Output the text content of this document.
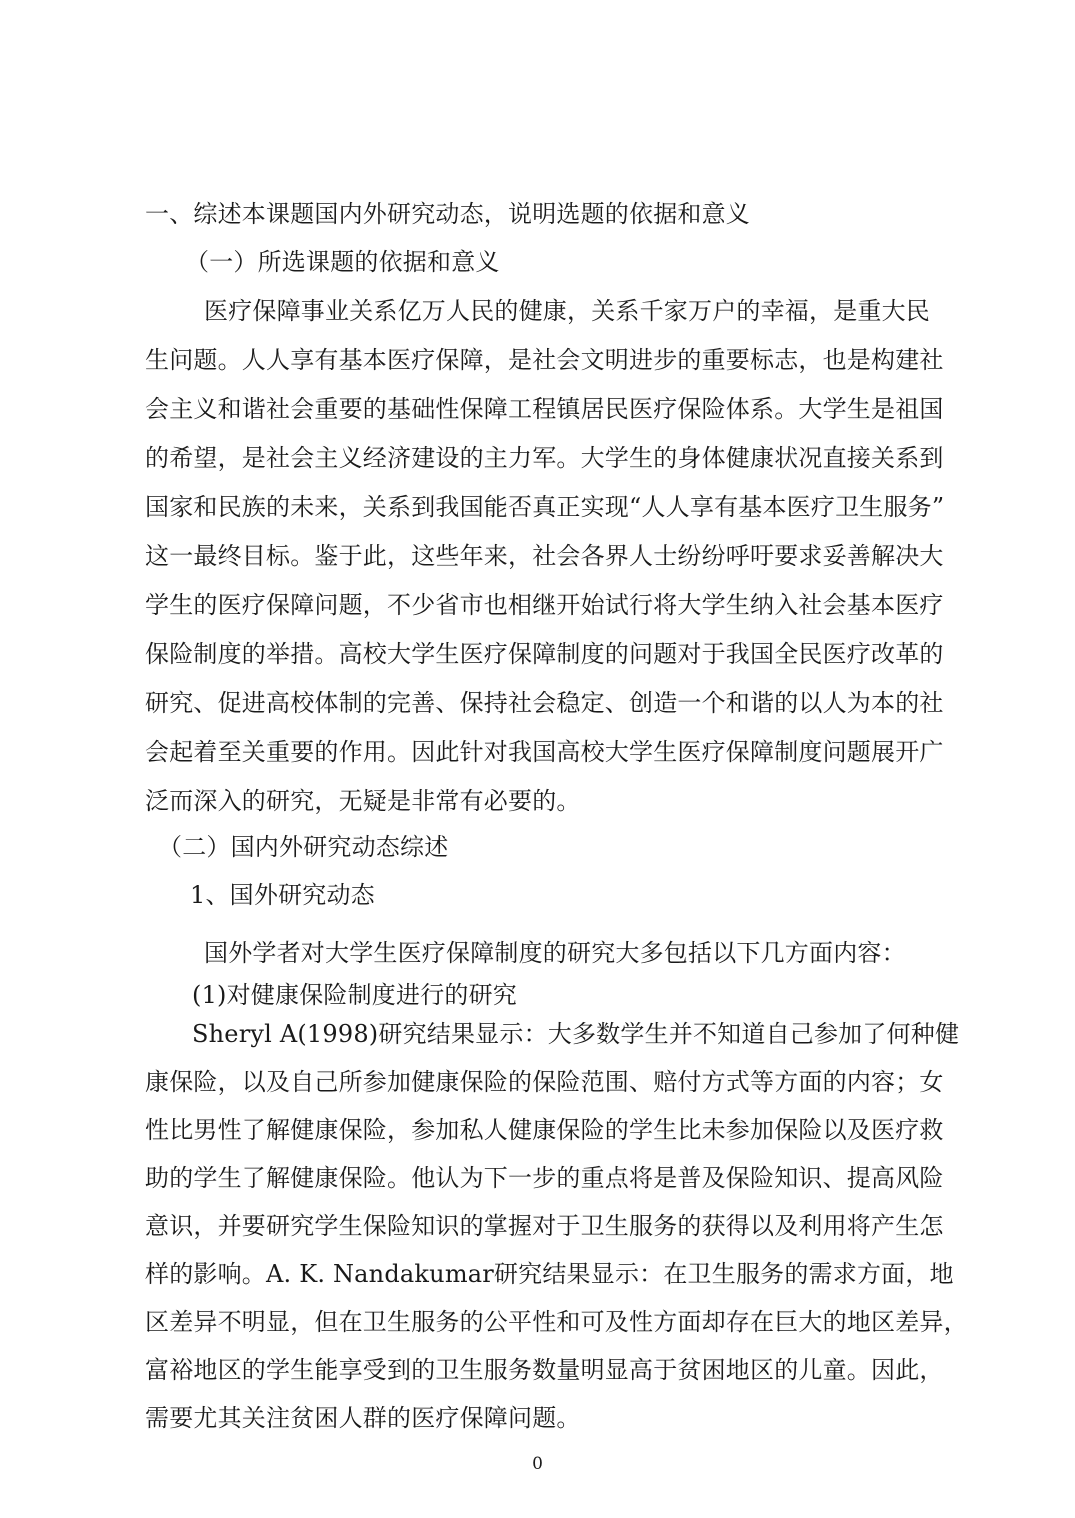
一、综述本课题国内外研究动态，说明选题的依据和意义
（一）所选课题的依据和意义
医疗保障事业关系亿万人民的健康，关系千家万户的幸福，是重大民
生问题。人人享有基本医疗保障，是社会文明进步的重要标志，也是构建社
会主义和谐社会重要的基础性保障工程镇居民医疗保险体系。大学生是祖国
的希望，是社会主义经济建设的主力军。大学生的身体健康状况直接关系到
国家和民族的未来，关系到我国能否真正实现“人人享有基本医疗卫生服务”
这一最终目标。鉴于此，这些年来，社会各界人士纷纷呼吁要求妥善解决大
学生的医疗保障问题，不少省市也相继开始试行将大学生纳入社会基本医疗
保险制度的举措。高校大学生医疗保障制度的问题对于我国全民医疗改革的
研究、促进高校体制的完善、保持社会稳定、创造一个和谐的以人为本的社
会起着至关重要的作用。因此针对我国高校大学生医疗保障制度问题展开广
泛而深入的研究，无疑是非常有必要的。
（二）国内外研究动态综述
1、国外研究动态
国外学者对大学生医疗保障制度的研究大多包括以下几方面内容：
(1)对健康保险制度进行的研究
Sheryl A(1998)研究结果显示：大多数学生并不知道自己参加了何种健
康保险，以及自己所参加健康保险的保险范围、赔付方式等方面的内容；女
性比男性了解健康保险，参加私人健康保险的学生比未参加保险以及医疗救
助的学生了解健康保险。他认为下一步的重点将是普及保险知识、提高风险
意识，并要研究学生保险知识的掌握对于卫生服务的获得以及利用将产生怎
样的影响。A. K. Nandakumar研究结果显示：在卫生服务的需求方面，地
区差异不明显，但在卫生服务的公平性和可及性方面却存在巨大的地区差异，
富裕地区的学生能享受到的卫生服务数量明显高于贫困地区的儿童。因此，
需要尤其关注贫困人群的医疗保障问题。
0
